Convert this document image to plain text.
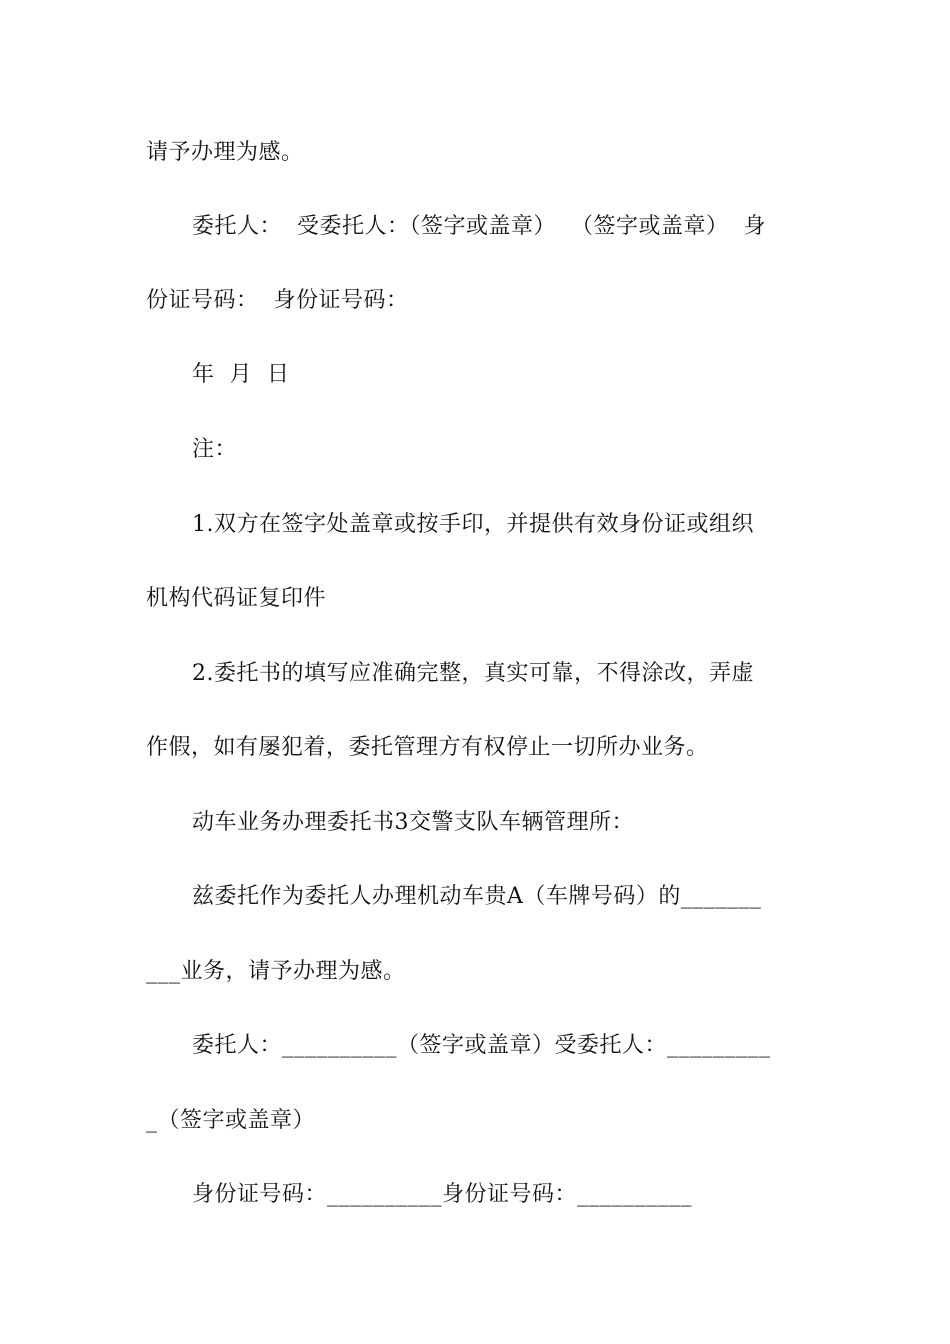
请予办理为感。
委托人：  受委托人：（签字或盖章）  （签字或盖章）  身
份证号码：  身份证号码：
年  月  日
注：
1.双方在签字处盖章或按手印，并提供有效身份证或组织
机构代码证复印件
2.委托书的填写应准确完整，真实可靠，不得涂改，弄虚
作假，如有屡犯着，委托管理方有权停止一切所办业务。
动车业务办理委托书3交警支队车辆管理所：
兹委托作为委托人办理机动车贵A（车牌号码）的_______
___业务，请予办理为感。
委托人：__________（签字或盖章）受委托人：_________
_（签字或盖章）
身份证号码：__________身份证号码：__________
